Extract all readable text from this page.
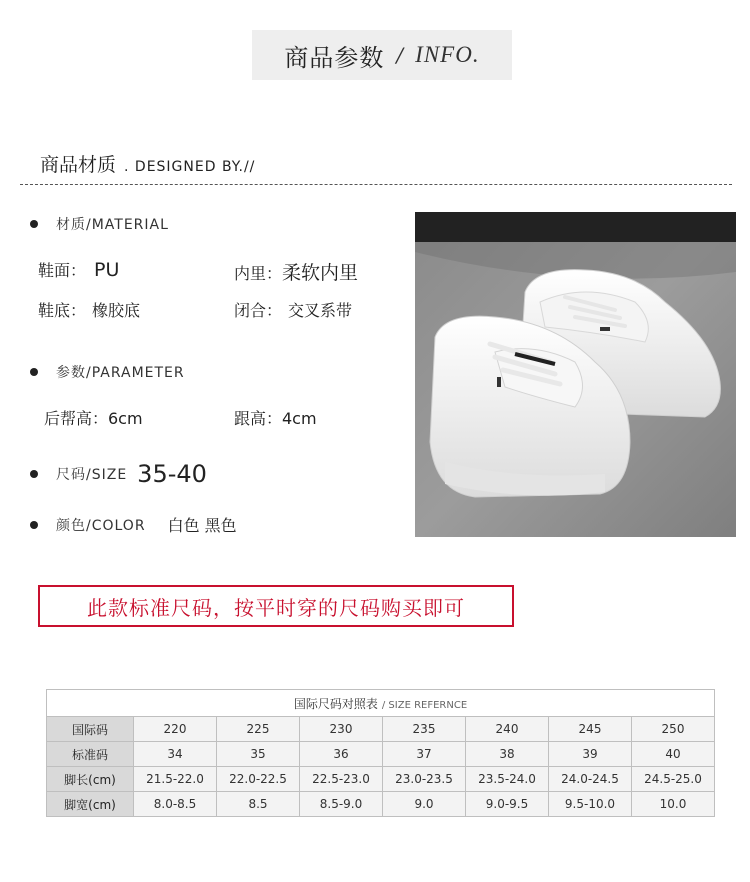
商品参数 / INFO.
商品材质 . DESIGNED BY.//
材质/MATERIAL
鞋面： PU	内里：柔软内里
鞋底： 橡胶底	闭合： 交叉系带
参数/PARAMETER
后帮高：6cm	跟高：4cm
尺码/SIZE 35-40
颜色/COLOR 白色 黑色
此款标准尺码，按平时穿的尺码购买即可
国际尺码对照表 / SIZE REFERNCE							
国际码	220	225	230	235	240	245	250
标准码	34	35	36	37	38	39	40
脚长(cm)	21.5-22.0	22.0-22.5	22.5-23.0	23.0-23.5	23.5-24.0	24.0-24.5	24.5-25.0
脚宽(cm)	8.0-8.5	8.5	8.5-9.0	9.0	9.0-9.5	9.5-10.0	10.0
